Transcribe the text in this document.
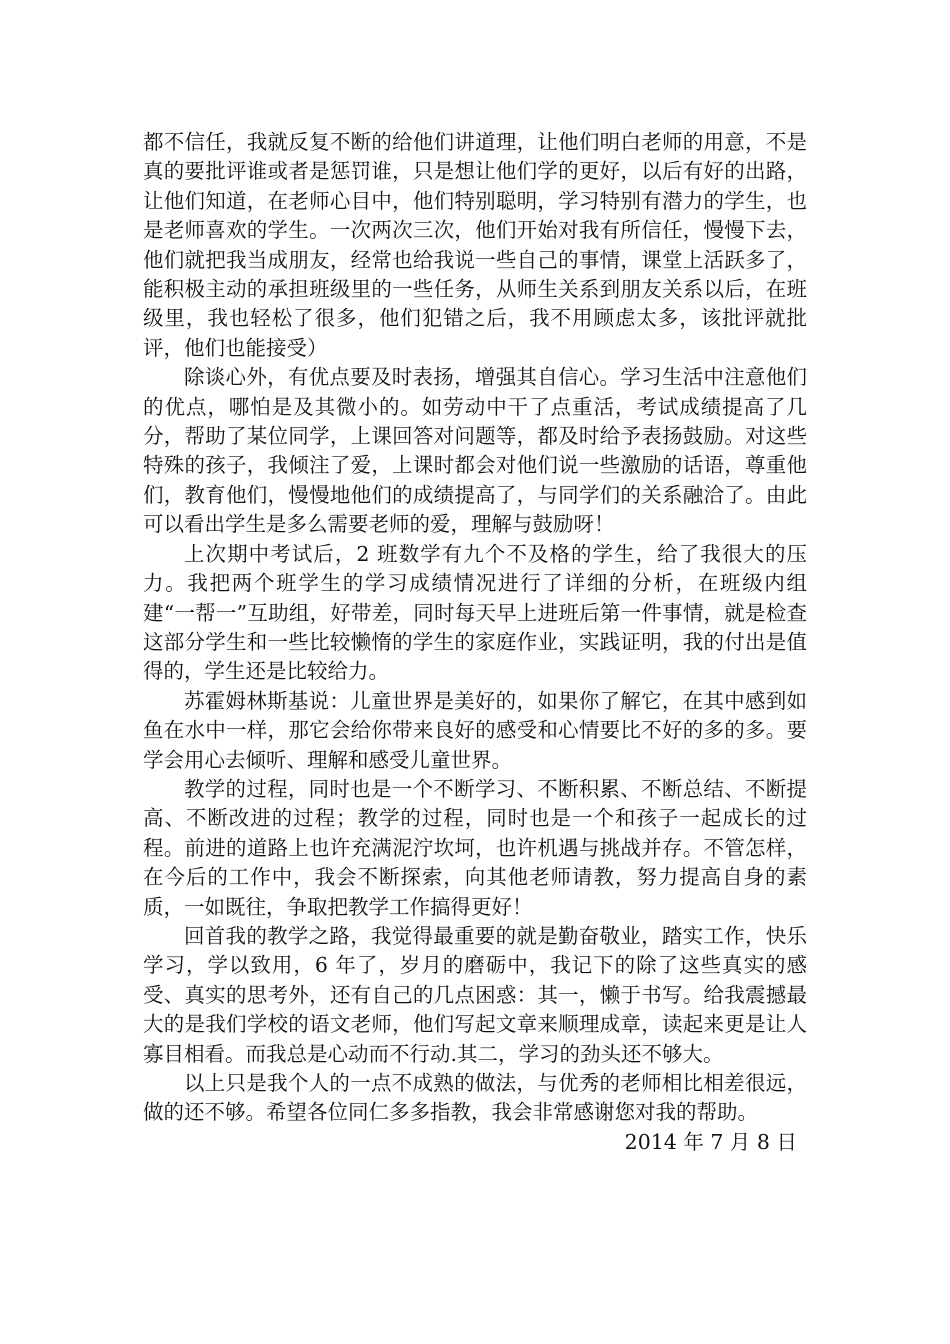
都不信任，我就反复不断的给他们讲道理，让他们明白老师的用意，不是真的要批评谁或者是惩罚谁，只是想让他们学的更好，以后有好的出路，让他们知道，在老师心目中，他们特别聪明，学习特别有潜力的学生，也是老师喜欢的学生。一次两次三次，他们开始对我有所信任，慢慢下去，他们就把我当成朋友，经常也给我说一些自己的事情，课堂上活跃多了，能积极主动的承担班级里的一些任务，从师生关系到朋友关系以后，在班级里，我也轻松了很多，他们犯错之后，我不用顾虑太多，该批评就批评，他们也能接受）

除谈心外，有优点要及时表扬，增强其自信心。学习生活中注意他们的优点，哪怕是及其微小的。如劳动中干了点重活，考试成绩提高了几分，帮助了某位同学，上课回答对问题等，都及时给予表扬鼓励。对这些特殊的孩子，我倾注了爱，上课时都会对他们说一些激励的话语，尊重他们，教育他们，慢慢地他们的成绩提高了，与同学们的关系融洽了。由此可以看出学生是多么需要老师的爱，理解与鼓励呀！

上次期中考试后，2 班数学有九个不及格的学生，给了我很大的压力。我把两个班学生的学习成绩情况进行了详细的分析，在班级内组建“一帮一”互助组，好带差，同时每天早上进班后第一件事情，就是检查这部分学生和一些比较懒惰的学生的家庭作业，实践证明，我的付出是值得的，学生还是比较给力。

苏霍姆林斯基说：儿童世界是美好的，如果你了解它，在其中感到如鱼在水中一样，那它会给你带来良好的感受和心情要比不好的多的多。要学会用心去倾听、理解和感受儿童世界。

教学的过程，同时也是一个不断学习、不断积累、不断总结、不断提高、不断改进的过程；教学的过程，同时也是一个和孩子一起成长的过程。前进的道路上也许充满泥泞坎坷，也许机遇与挑战并存。不管怎样，在今后的工作中，我会不断探索，向其他老师请教，努力提高自身的素质，一如既往，争取把教学工作搞得更好！

回首我的教学之路，我觉得最重要的就是勤奋敬业，踏实工作，快乐学习，学以致用，6 年了，岁月的磨砺中，我记下的除了这些真实的感受、真实的思考外，还有自己的几点困惑：其一，懒于书写。给我震撼最大的是我们学校的语文老师，他们写起文章来顺理成章，读起来更是让人寡目相看。而我总是心动而不行动.其二，学习的劲头还不够大。

以上只是我个人的一点不成熟的做法，与优秀的老师相比相差很远，做的还不够。希望各位同仁多多指教，我会非常感谢您对我的帮助。

2014 年 7 月 8 日
